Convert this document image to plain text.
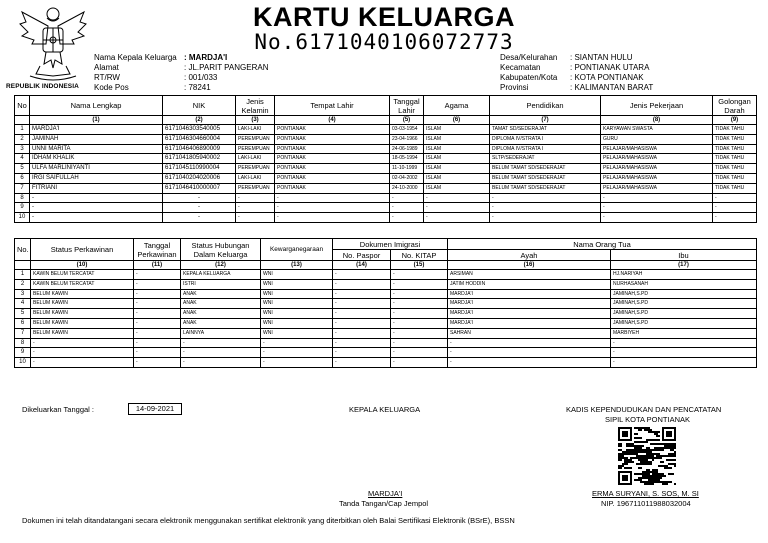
REPUBLIK INDONESIA
KARTU KELUARGA
No.6171040106072773
Nama Kepala Keluarga : MARDJA'I
Alamat	: JL.PARIT PANGERAN
RT/RW	: 001/033
Kode Pos	: 78241
Desa/Kelurahan	: SIANTAN HULU
Kecamatan	: PONTIANAK UTARA
Kabupaten/Kota	: KOTA PONTIANAK
Provinsi	: KALIMANTAN BARAT
No	Nama Lengkap	NIK	Jenis Kelamin	Tempat Lahir	Tanggal Lahir	Agama	Pendidikan	Jenis Pekerjaan	Golongan Darah
	(1)	(2)	(3)	(4)	(5)	(6)	(7)	(8)	(9)
1	MARDJA'I	6171046303540005	LAKI-LAKI	PONTIANAK	03-03-1954	ISLAM	TAMAT SD/SEDERAJAT	KARYAWAN SWASTA	TIDAK TAHU
2	JAMINAH	6171046304660004	PEREMPUAN	PONTIANAK	23-04-1966	ISLAM	DIPLOMA IV/STRATA I	GURU	TIDAK TAHU
3	UNNI MARITA	6171046406890009	PEREMPUAN	PONTIANAK	24-06-1989	ISLAM	DIPLOMA IV/STRATA I	PELAJAR/MAHASISWA	TIDAK TAHU
4	IDHAM KHALIK	6171041805940002	LAKI-LAKI	PONTIANAK	18-05-1994	ISLAM	SLTP/SEDERAJAT	PELAJAR/MAHASISWA	TIDAK TAHU
5	ULFA MARLINIYANTI	6171045110990004	PEREMPUAN	PONTIANAK	11-10-1999	ISLAM	BELUM TAMAT SD/SEDERAJAT	PELAJAR/MAHASISWA	TIDAK TAHU
6	IRGI SAIFULLAH	6171040204020006	LAKI-LAKI	PONTIANAK	02-04-2002	ISLAM	BELUM TAMAT SD/SEDERAJAT	PELAJAR/MAHASISWA	TIDAK TAHU
7	FITRIANI	6171046410000007	PEREMPUAN	PONTIANAK	24-10-2000	ISLAM	BELUM TAMAT SD/SEDERAJAT	PELAJAR/MAHASISWA	TIDAK TAHU
8	-	-	-	-	-	-	-	-	-
9	-	-	-	-	-	-	-	-	-
10	-	-	-	-	-	-	-	-	-
No.	Status Perkawinan	Tanggal Perkawinan	Status Hubungan Dalam Keluarga	Kewarganegaraan	Dokumen Imigrasi		Nama Orang Tua	
					No. Paspor	No. KITAP	Ayah	Ibu
	(10)	(11)	(12)	(13)	(14)	(15)	(16)	(17)
1	KAWIN BELUM TERCATAT	-	KEPALA KELUARGA	WNI	-	-	ARSIMAN	HJ.NARIYAH
2	KAWIN BELUM TERCATAT	-	ISTRI	WNI	-	-	JATIM HODDIN	NURHASANAH
3	BELUM KAWIN	-	ANAK	WNI	-	-	MARDJA'I	JAMINAH,S.PD
4	BELUM KAWIN	-	ANAK	WNI	-	-	MARDJA'I	JAMINAH,S.PD
5	BELUM KAWIN	-	ANAK	WNI	-	-	MARDJA'I	JAMINAH,S.PD
6	BELUM KAWIN	-	ANAK	WNI	-	-	MARDJA'I	JAMINAH,S.PD
7	BELUM KAWIN	-	LAINNYA	WNI	-	-	SAHRAN	MARBIYEH
8	-	-	-	-	-	-	-	-
9	-	-	-	-	-	-	-	-
10	-	-	-	-	-	-	-	-
Dikeluarkan Tanggal :	14-09-2021	KEPALA KELUARGA
MARDJA'I
Tanda Tangan/Cap Jempol
KADIS KEPENDUDUKAN DAN PENCATATAN
SIPIL KOTA PONTIANAK
ERMA SURYANI, S. SOS, M. SI
NIP. 196711011988032004
Dokumen ini telah ditandatangani secara elektronik menggunakan sertifikat elektronik yang diterbitkan oleh Balai Sertifikasi Elektronik (BSrE), BSSN
